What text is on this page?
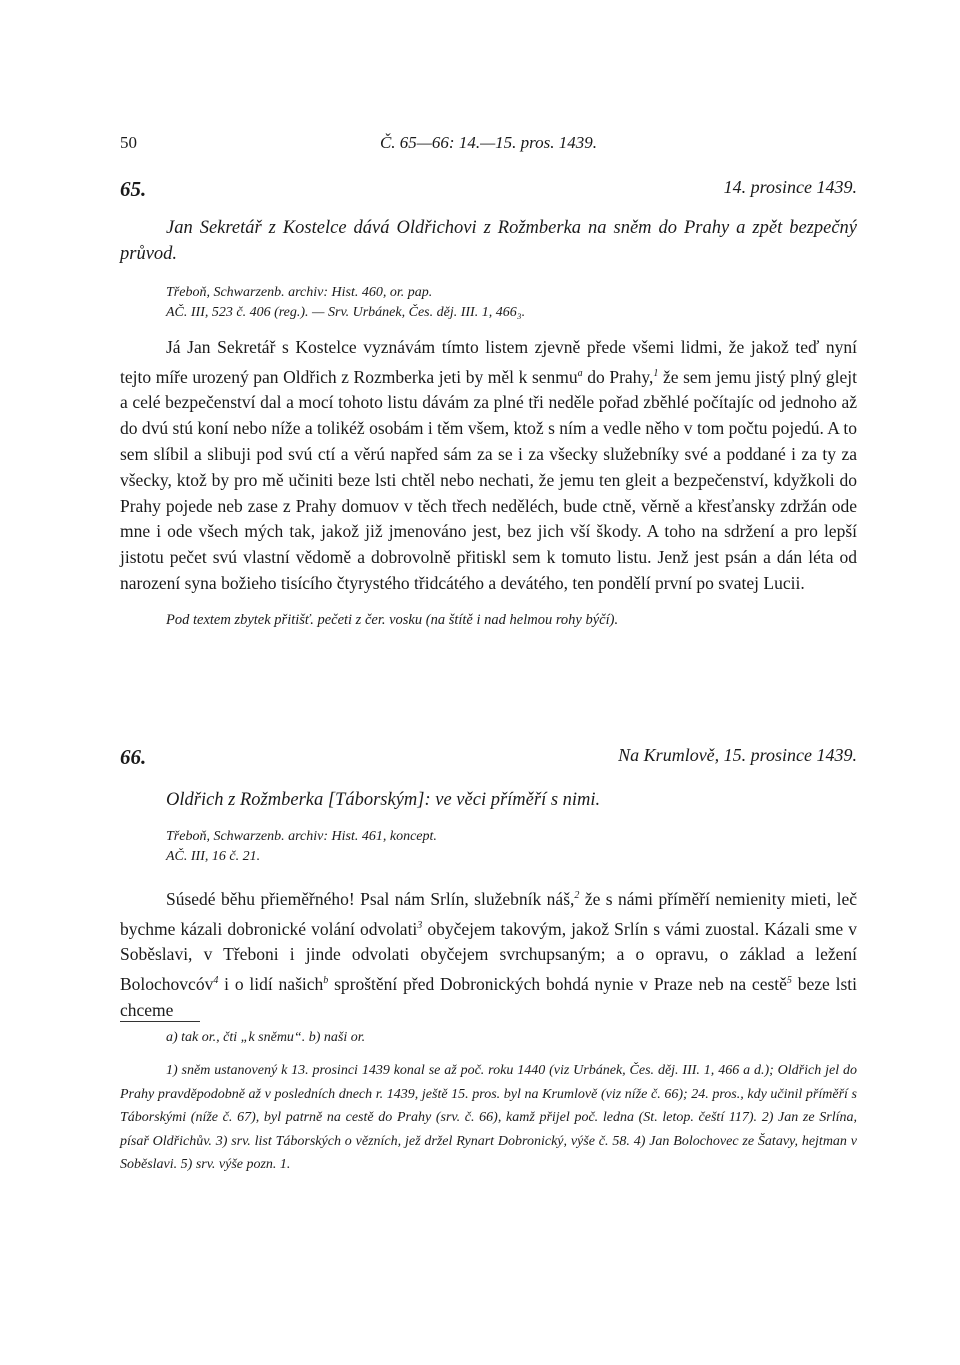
50	Č. 65—66: 14.—15. pros. 1439.
65.	14. prosince 1439.

Jan Sekretář z Kostelce dává Oldřichovi z Rožmberka na sněm do Prahy a zpět bezpečný průvod.

Třeboň, Schwarzenb. archiv: Hist. 460, or. pap.

AČ. III, 523 č. 406 (reg.). — Srv. Urbánek, Čes. děj. III. 1, 466₃.

Já Jan Sekretář s Kostelce vyznávám tímto listem zjevně přede všemi lidmi, že jakož teď nyní tejto míře urozený pan Oldřich z Rozmberka jeti by měl k senmu$^a$ do Prahy,$^1$ že sem jemu jistý plný glejt a celé bezpečenství dal a mocí tohoto listu dávám za plné tři neděle pořad zběhlé počítajíc od jednoho až do dvú stú koní nebo níže a tolikéž osobám i těm všem, ktož s ním a vedle něho v tom počtu pojedú. A to sem slíbil a slibuji pod svú ctí a věrú napřed sám za se i za všecky služebníky své a poddané i za ty za všecky, ktož by pro mě učiniti beze lsti chtěl nebo nechati, že jemu ten gleit a bezpečenství, kdyžkoli do Prahy pojede neb zase z Prahy domuov v těch třech neděléch, bude ctně, věrně a křesťansky zdržán ode mne i ode všech mých tak, jakož již jmenováno jest, bez jich vší škody. A toho na sdržení a pro lepší jistotu pečet svú vlastní vědomě a dobrovolně přitiskl sem k tomuto listu. Jenž jest psán a dán léta od narození syna božieho tisícího čtyrystého třidcátého a devátého, ten pondělí první po svatej Lucii.

Pod textem zbytek přitišť. pečeti z čer. vosku (na štítě i nad helmou rohy býčí).

66.	Na Krumlově, 15. prosince 1439.

Oldřich z Rožmberka [Táborským]: ve věci příměří s nimi.

Třeboň, Schwarzenb. archiv: Hist. 461, koncept.

AČ. III, 16 č. 21.

Súsedé běhu přieměřného! Psal nám Srlín, služebník náš,$^2$ že s námi příměří nemienity mieti, leč bychme kázali dobronické volání odvolati$^3$ obyčejem takovým, jakož Srlín s vámi zuostal. Kázali sme v Soběslavi, v Třeboni i jinde odvolati obyčejem svrchupsaným; a o opravu, o základ a ležení Bolochovcóv$^4$ i o lidí našich$^b$ sproštění před Dobronických bohdá nynie v Praze neb na cestě$^5$ beze lsti chceme

a) tak or., čti „k sněmu“. b) naši or.

1) sněm ustanovený k 13. prosinci 1439 konal se až poč. roku 1440 (viz Urbánek, Čes. děj. III. 1, 466 a d.); Oldřich jel do Prahy pravděpodobně až v posledních dnech r. 1439, ještě 15. pros. byl na Krumlově (viz níže č. 66); 24. pros., kdy učinil příměří s Táborskými (níže č. 67), byl patrně na cestě do Prahy (srv. č. 66), kamž přijel poč. ledna (St. letop. čeští 117). 2) Jan ze Srlína, písař Oldřichův. 3) srv. list Táborských o vězních, jež držel Rynart Dobronický, výše č. 58. 4) Jan Bolochovec ze Šatavy, hejtman v Soběslavi. 5) srv. výše pozn. 1.
